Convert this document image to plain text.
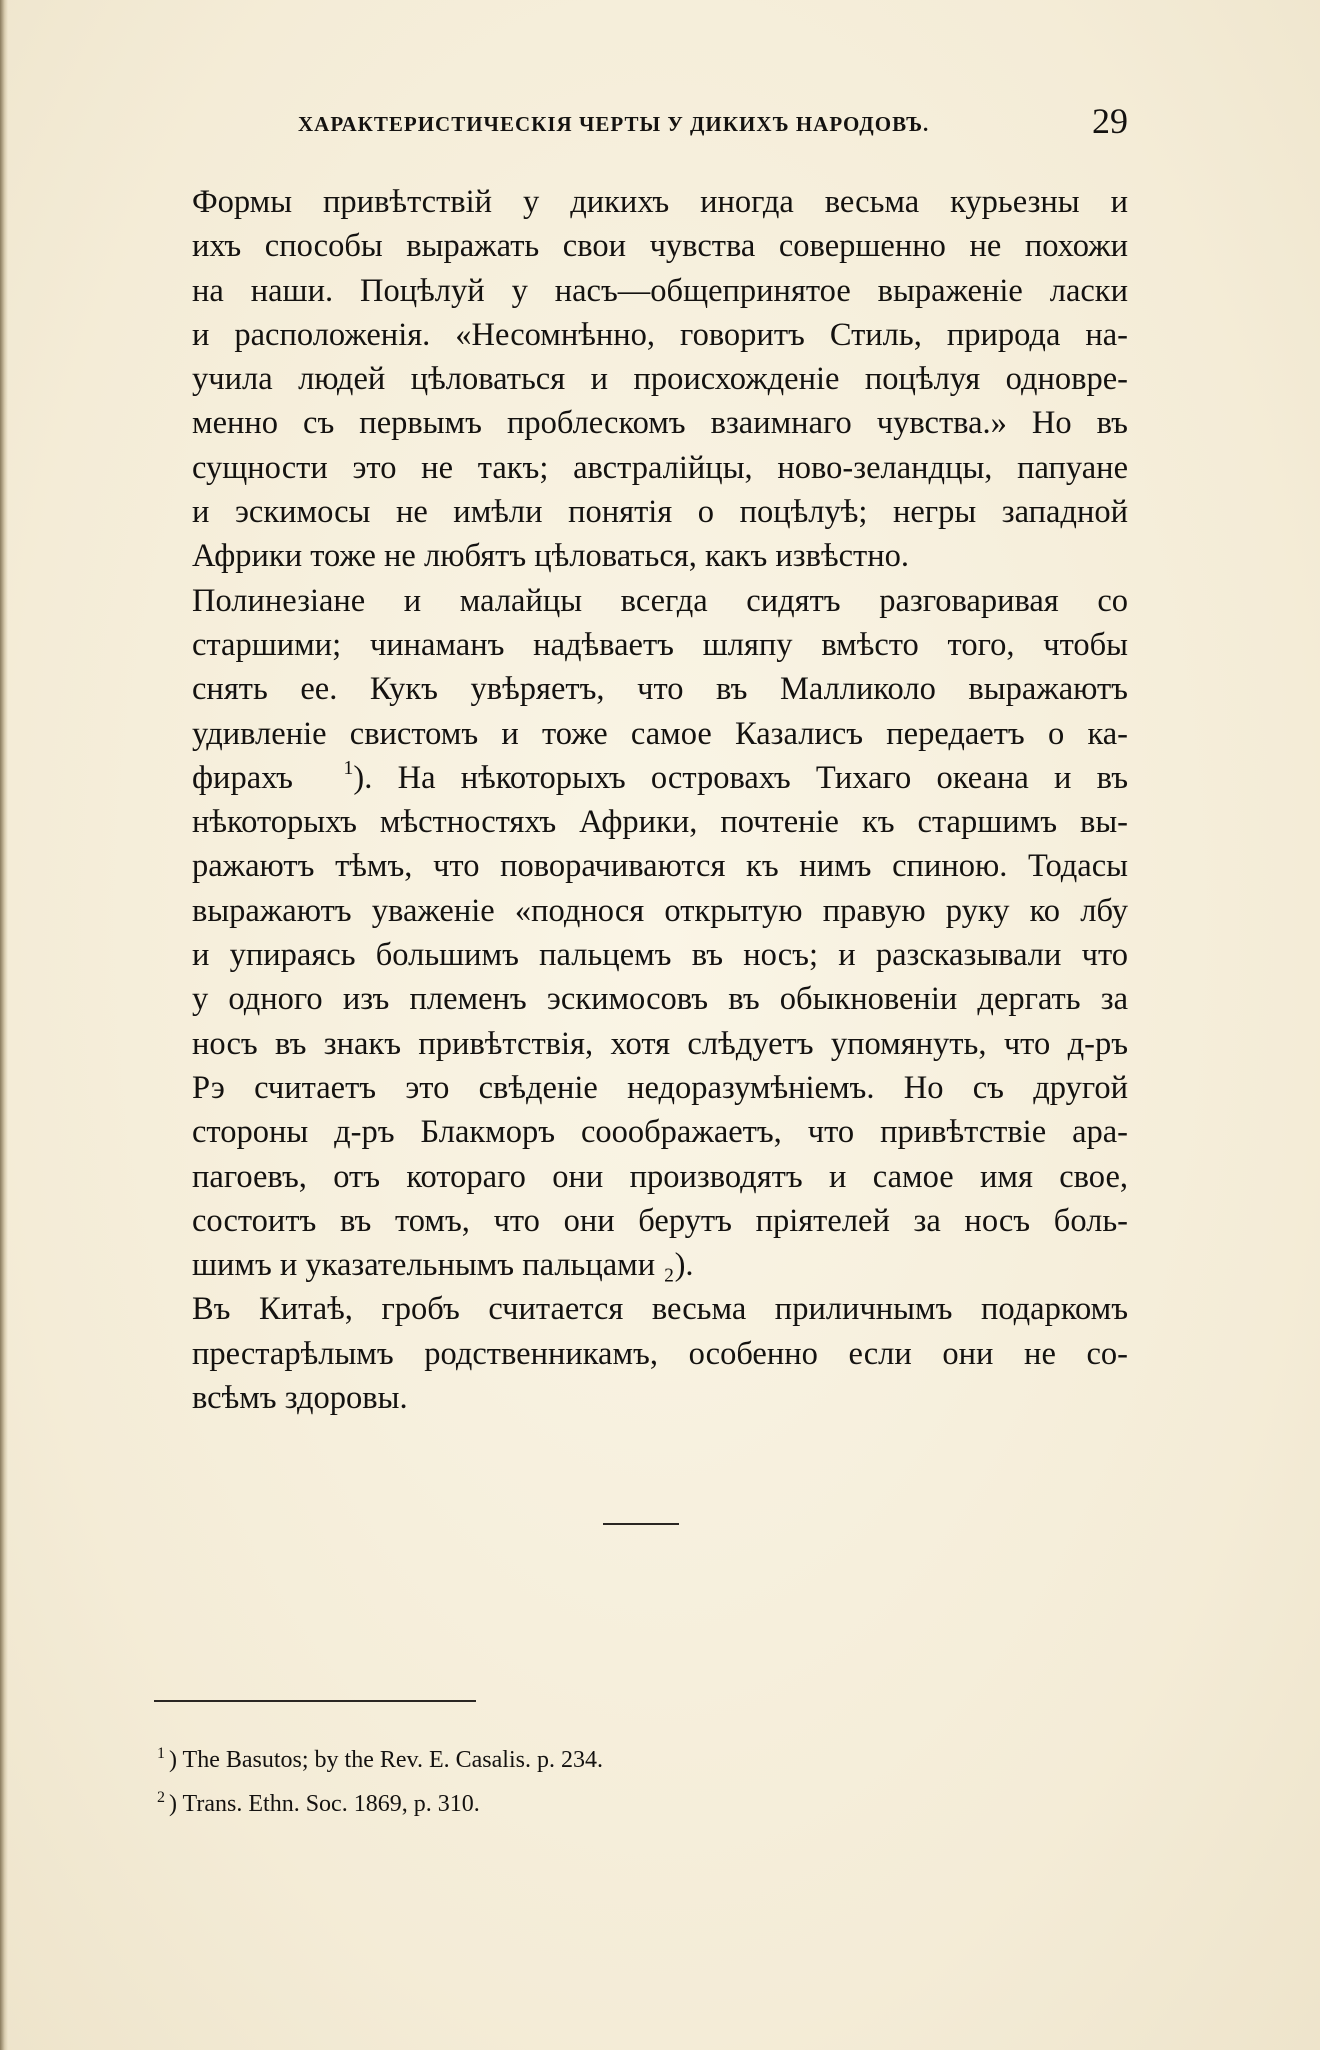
ХАРАКТЕРИСТИЧЕСКІЯ ЧЕРТЫ У ДИКИХЪ НАРОДОВЪ.	29
Формы привѣтствій у дикихъ иногда весьма курьезны и
ихъ способы выражать свои чувства совершенно не похожи
на наши. Поцѣлуй у насъ—общепринятое выраженіе ласки
и расположенія. «Несомнѣнно, говоритъ Стиль, природа на-
учила людей цѣловаться и происхожденіе поцѣлуя одновре-
менно съ первымъ проблескомъ взаимнаго чувства.» Но въ
сущности это не такъ; австралійцы, ново-зеландцы, папуане
и эскимосы не имѣли понятія о поцѣлуѣ; негры западной
Африки тоже не любятъ цѣловаться, какъ извѣстно.
Полинезіане и малайцы всегда сидятъ разговаривая со
старшими; чинаманъ надѣваетъ шляпу вмѣсто того, чтобы
снять ее. Кукъ увѣряетъ, что въ Малликоло выражаютъ
удивленіе свистомъ и тоже самое Казалисъ передаетъ о ка-
фирахъ	$^1$). На нѣкоторыхъ островахъ Тихаго океана и въ
нѣкоторыхъ мѣстностяхъ Африки, почтеніе къ старшимъ вы-
ражаютъ тѣмъ, что поворачиваются къ нимъ спиною. Тодасы
выражаютъ уваженіе «поднося открытую правую руку ко лбу
и упираясь большимъ пальцемъ въ носъ; и разсказывали что
у одного изъ племенъ эскимосовъ въ обыкновеніи дергать за
носъ въ знакъ привѣтствія, хотя слѣдуетъ упомянуть, что д-ръ
Рэ считаетъ это свѣденіе недоразумѣніемъ. Но съ другой
стороны д-ръ Блакморъ сооображаетъ, что привѣтствіе ара-
пагоевъ, отъ котораго они производятъ и самое имя свое,
состоитъ въ томъ, что они берутъ пріятелей за носъ боль-
шимъ и указательнымъ пальцами ₂).
Въ Китаѣ, гробъ считается весьма приличнымъ подаркомъ
престарѣлымъ родственникамъ, особенно если они не со-
всѣмъ здоровы.
$^1$ ) The Basutos; by the Rev. E. Casalis. p. 234.
$^2$ ) Trans. Ethn. Soc. 1869, p. 310.
